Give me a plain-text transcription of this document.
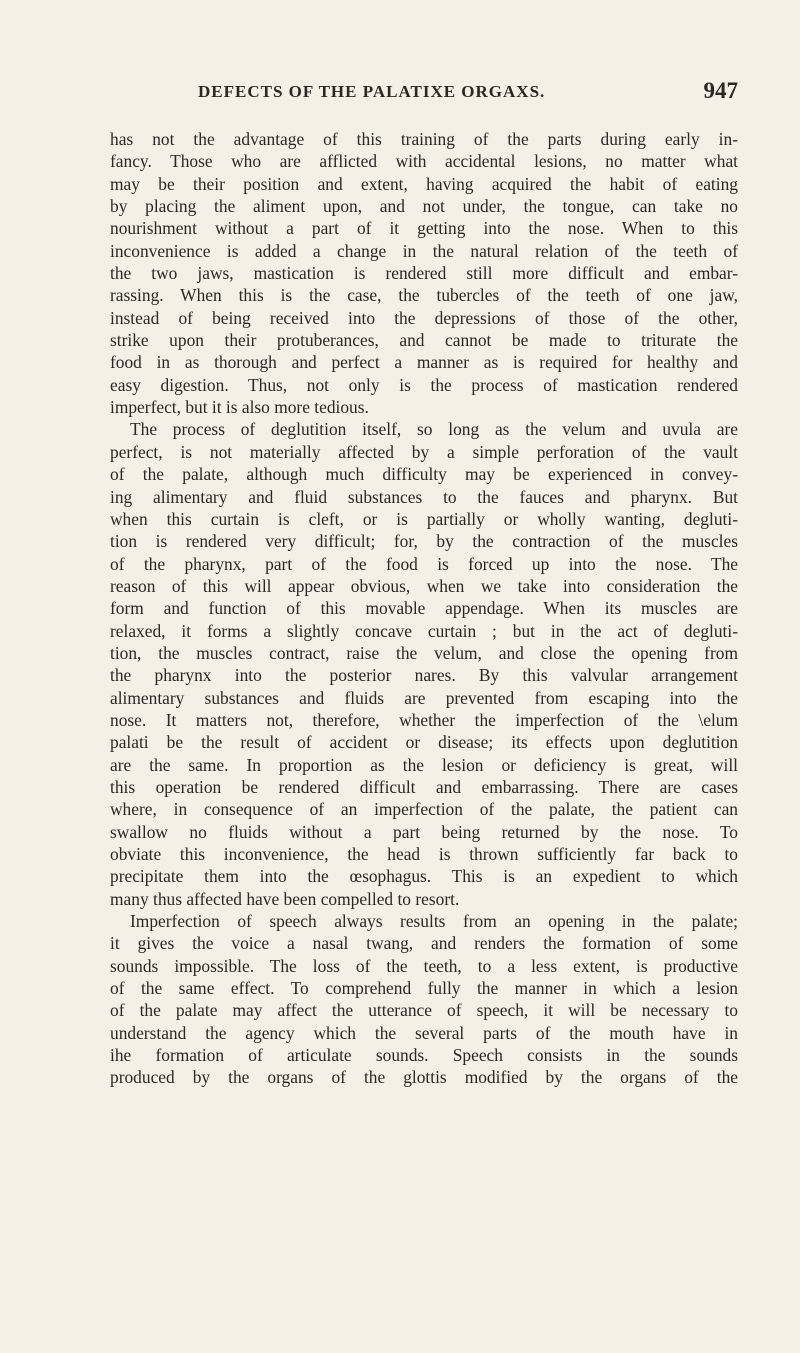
DEFECTS OF THE PALATIXE ORGAXS.	947
has not the advantage of this training of the parts during early in-
fancy. Those who are afflicted with accidental lesions, no matter what
may be their position and extent, having acquired the habit of eating
by placing the aliment upon, and not under, the tongue, can take no
nourishment without a part of it getting into the nose. When to this
inconvenience is added a change in the natural relation of the teeth of
the two jaws, mastication is rendered still more difficult and embar-
rassing. When this is the case, the tubercles of the teeth of one jaw,
instead of being received into the depressions of those of the other,
strike upon their protuberances, and cannot be made to triturate the
food in as thorough and perfect a manner as is required for healthy and
easy digestion. Thus, not only is the process of mastication rendered
imperfect, but it is also more tedious.
The process of deglutition itself, so long as the velum and uvula are
perfect, is not materially affected by a simple perforation of the vault
of the palate, although much difficulty may be experienced in convey-
ing alimentary and fluid substances to the fauces and pharynx. But
when this curtain is cleft, or is partially or wholly wanting, degluti-
tion is rendered very difficult; for, by the contraction of the muscles
of the pharynx, part of the food is forced up into the nose. The
reason of this will appear obvious, when we take into consideration the
form and function of this movable appendage. When its muscles are
relaxed, it forms a slightly concave curtain ; but in the act of degluti-
tion, the muscles contract, raise the velum, and close the opening from
the pharynx into the posterior nares. By this valvular arrangement
alimentary substances and fluids are prevented from escaping into the
nose. It matters not, therefore, whether the imperfection of the \elum
palati be the result of accident or disease; its effects upon deglutition
are the same. In proportion as the lesion or deficiency is great, will
this operation be rendered difficult and embarrassing. There are cases
where, in consequence of an imperfection of the palate, the patient can
swallow no fluids without a part being returned by the nose. To
obviate this inconvenience, the head is thrown sufficiently far back to
precipitate them into the œsophagus. This is an expedient to which
many thus affected have been compelled to resort.
Imperfection of speech always results from an opening in the palate;
it gives the voice a nasal twang, and renders the formation of some
sounds impossible. The loss of the teeth, to a less extent, is productive
of the same effect. To comprehend fully the manner in which a lesion
of the palate may affect the utterance of speech, it will be necessary to
understand the agency which the several parts of the mouth have in
ihe formation of articulate sounds. Speech consists in the sounds
produced by the organs of the glottis modified by the organs of the
